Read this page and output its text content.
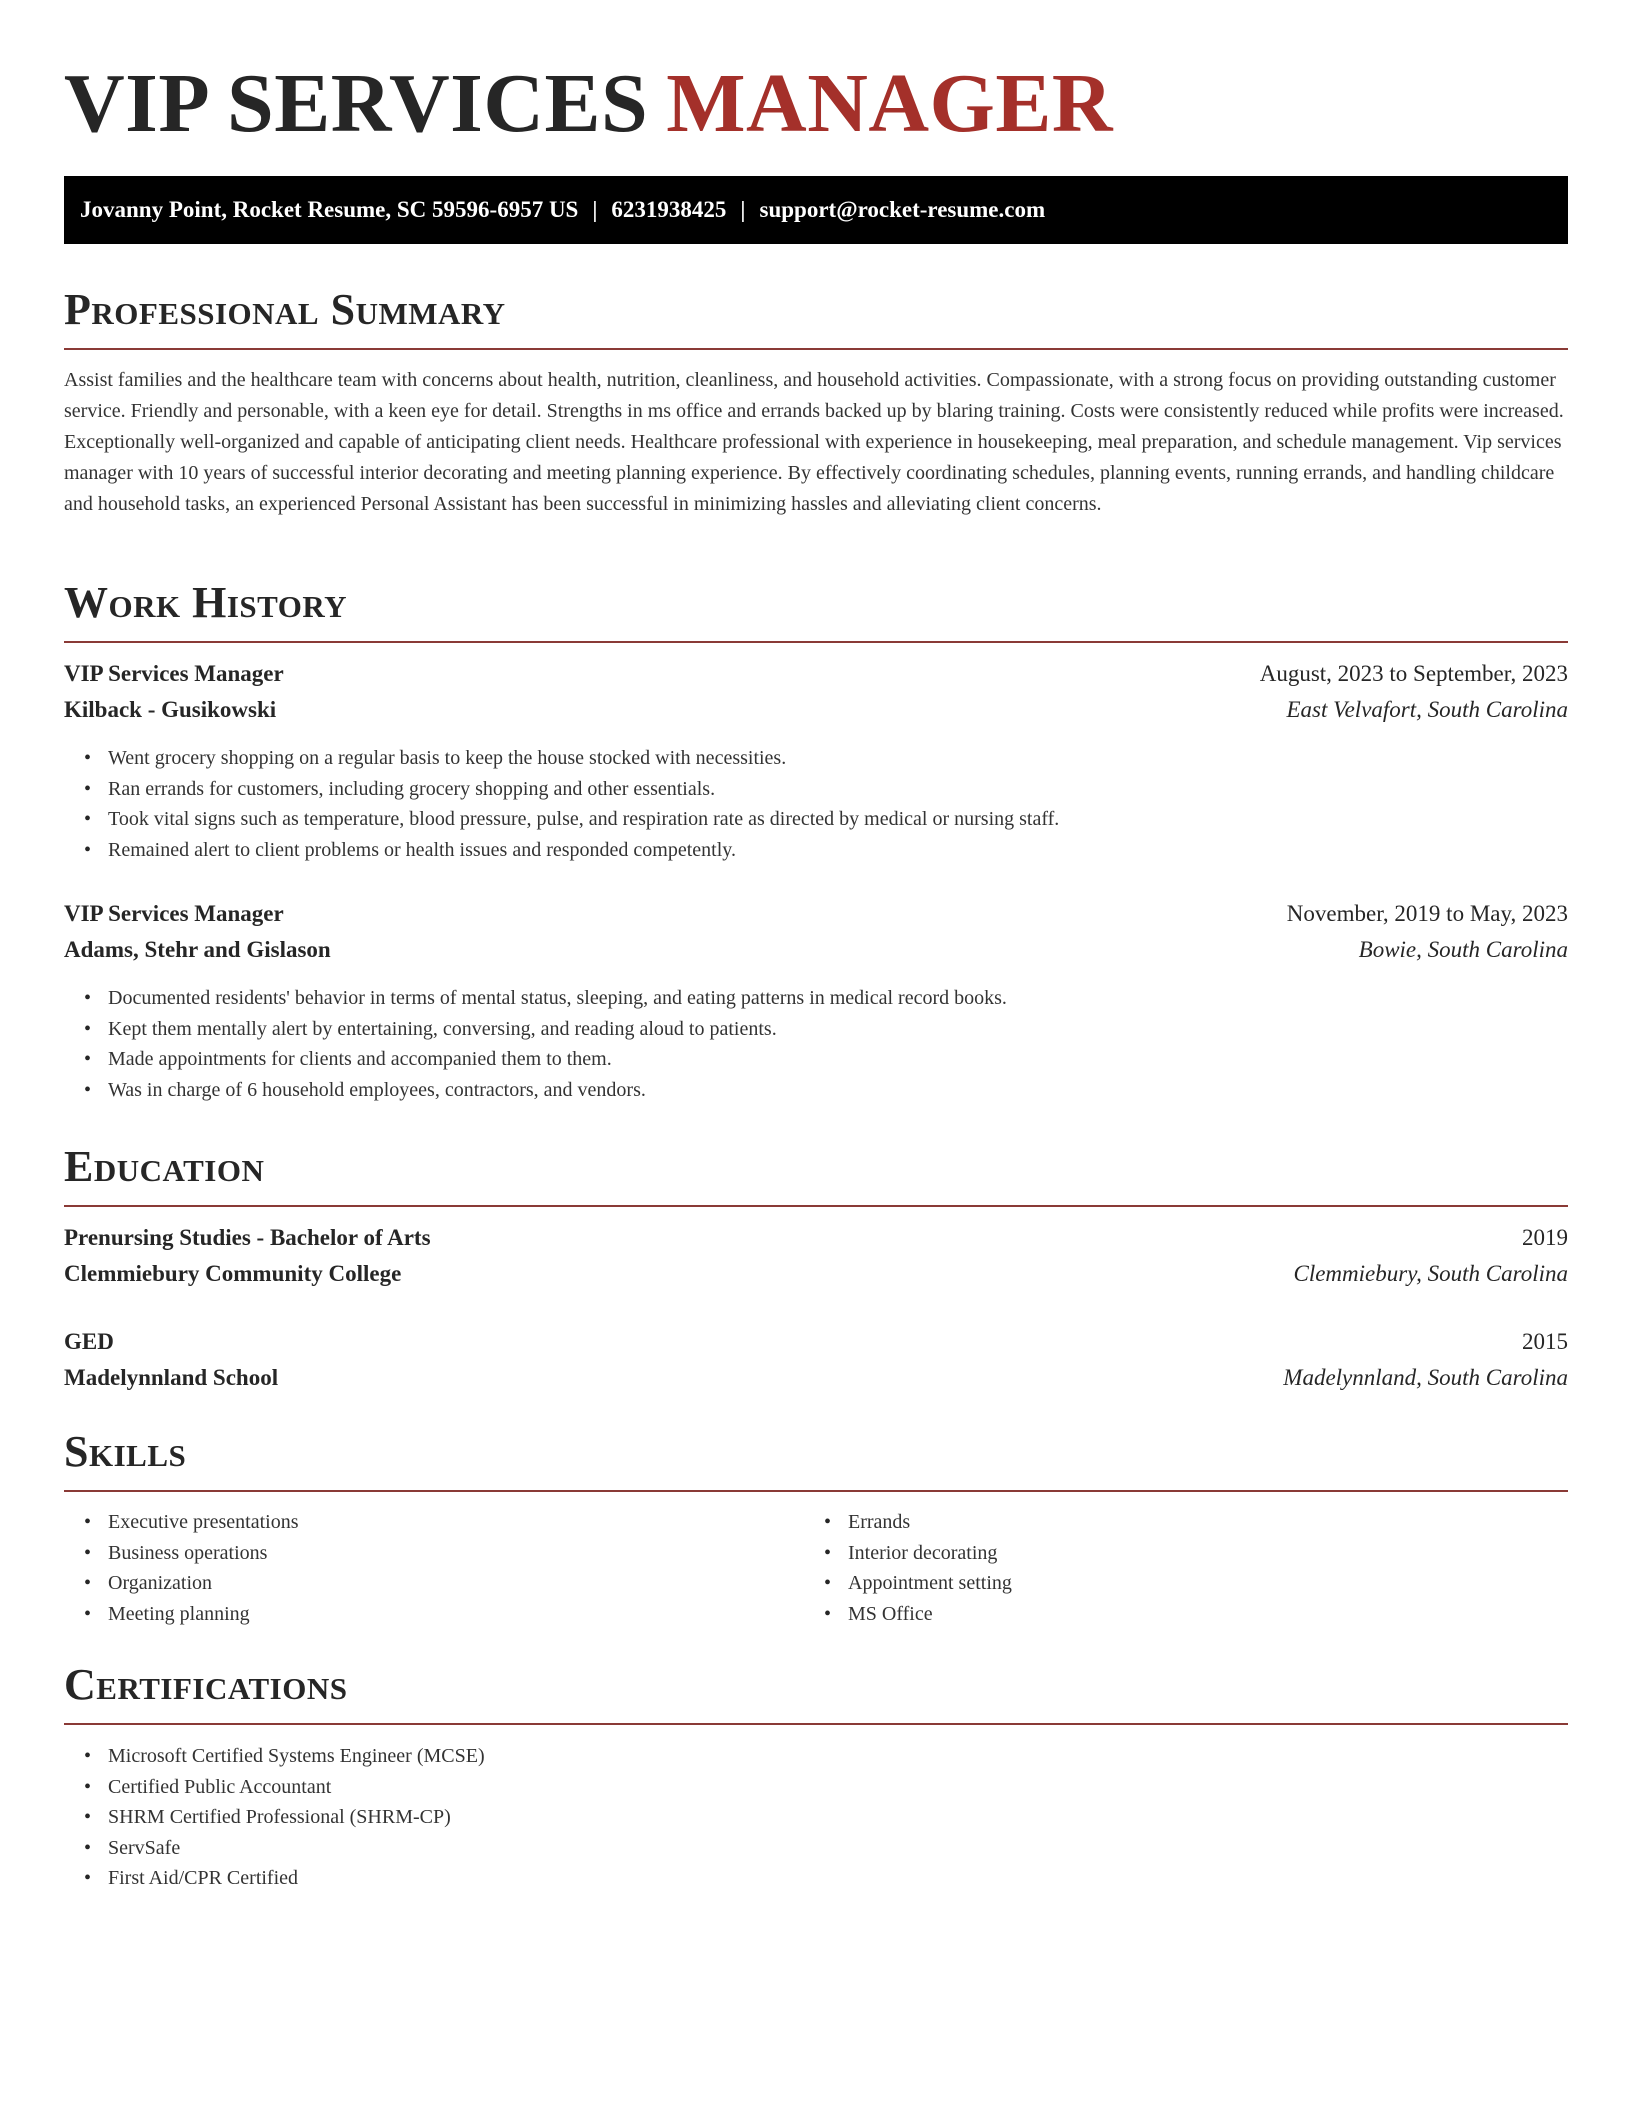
VIP SERVICES MANAGER
Jovanny Point, Rocket Resume, SC 59596-6957 US | 6231938425 | support@rocket-resume.com
Professional Summary

Assist families and the healthcare team with concerns about health, nutrition, cleanliness, and household activities. Compassionate, with a strong focus on providing outstanding customer service. Friendly and personable, with a keen eye for detail. Strengths in ms office and errands backed up by blaring training. Costs were consistently reduced while profits were increased. Exceptionally well-organized and capable of anticipating client needs. Healthcare professional with experience in housekeeping, meal preparation, and schedule management. Vip services manager with 10 years of successful interior decorating and meeting planning experience. By effectively coordinating schedules, planning events, running errands, and handling childcare and household tasks, an experienced Personal Assistant has been successful in minimizing hassles and alleviating client concerns.

Work History
VIP Services Manager	August, 2023 to September, 2023
Kilback - Gusikowski	East Velvafort, South Carolina
• Went grocery shopping on a regular basis to keep the house stocked with necessities.
• Ran errands for customers, including grocery shopping and other essentials.
• Took vital signs such as temperature, blood pressure, pulse, and respiration rate as directed by medical or nursing staff.
• Remained alert to client problems or health issues and responded competently.
VIP Services Manager	November, 2019 to May, 2023
Adams, Stehr and Gislason	Bowie, South Carolina
• Documented residents' behavior in terms of mental status, sleeping, and eating patterns in medical record books.
• Kept them mentally alert by entertaining, conversing, and reading aloud to patients.
• Made appointments for clients and accompanied them to them.
• Was in charge of 6 household employees, contractors, and vendors.
Education
Prenursing Studies - Bachelor of Arts	2019
Clemmiebury Community College	Clemmiebury, South Carolina
GED	2015
Madelynnland School	Madelynnland, South Carolina
Skills
• Executive presentations
• Business operations
• Organization
• Meeting planning
• Errands
• Interior decorating
• Appointment setting
• MS Office
Certifications
• Microsoft Certified Systems Engineer (MCSE)
• Certified Public Accountant
• SHRM Certified Professional (SHRM-CP)
• ServSafe
• First Aid/CPR Certified
